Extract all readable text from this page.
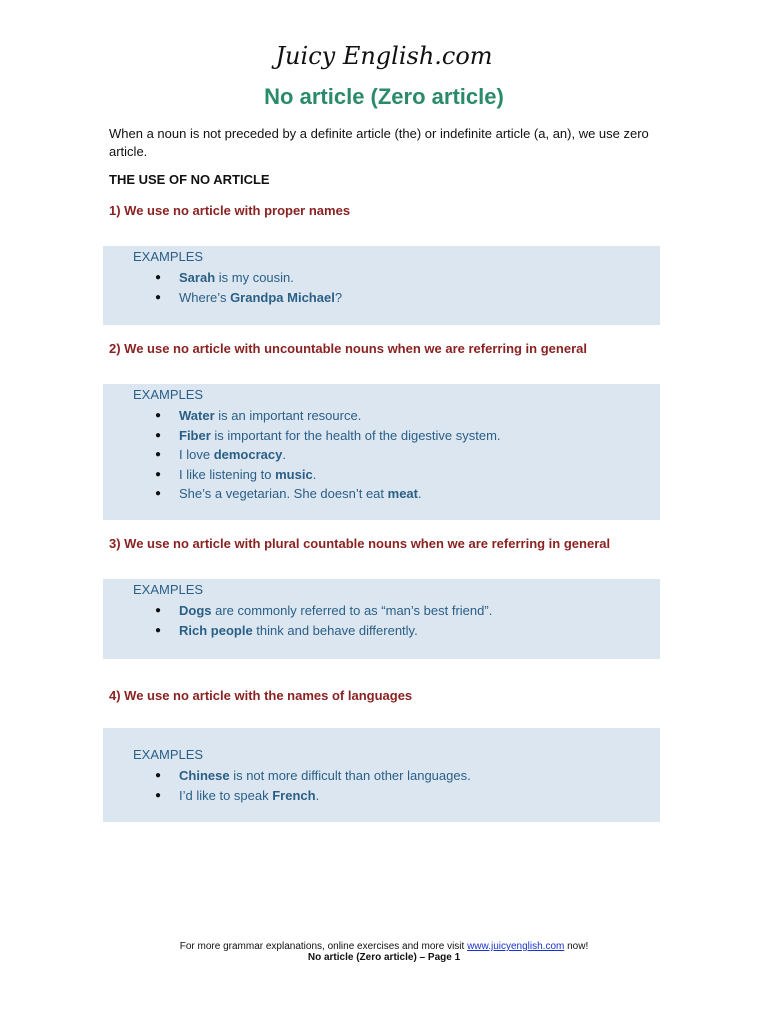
Juicy English.com
No article (Zero article)
When a noun is not preceded by a definite article (the) or indefinite article (a, an), we use zero article.
THE USE OF NO ARTICLE
1) We use no article with proper names
EXAMPLES
● Sarah is my cousin.
● Where’s Grandpa Michael?
2) We use no article with uncountable nouns when we are referring in general
EXAMPLES
● Water is an important resource.
● Fiber is important for the health of the digestive system.
● I love democracy.
● I like listening to music.
● She’s a vegetarian. She doesn’t eat meat.
3) We use no article with plural countable nouns when we are referring in general
EXAMPLES
● Dogs are commonly referred to as “man’s best friend”.
● Rich people think and behave differently.
4) We use no article with the names of languages
EXAMPLES
● Chinese is not more difficult than other languages.
● I’d like to speak French.
For more grammar explanations, online exercises and more visit www.juicyenglish.com now!
No article (Zero article) – Page 1
